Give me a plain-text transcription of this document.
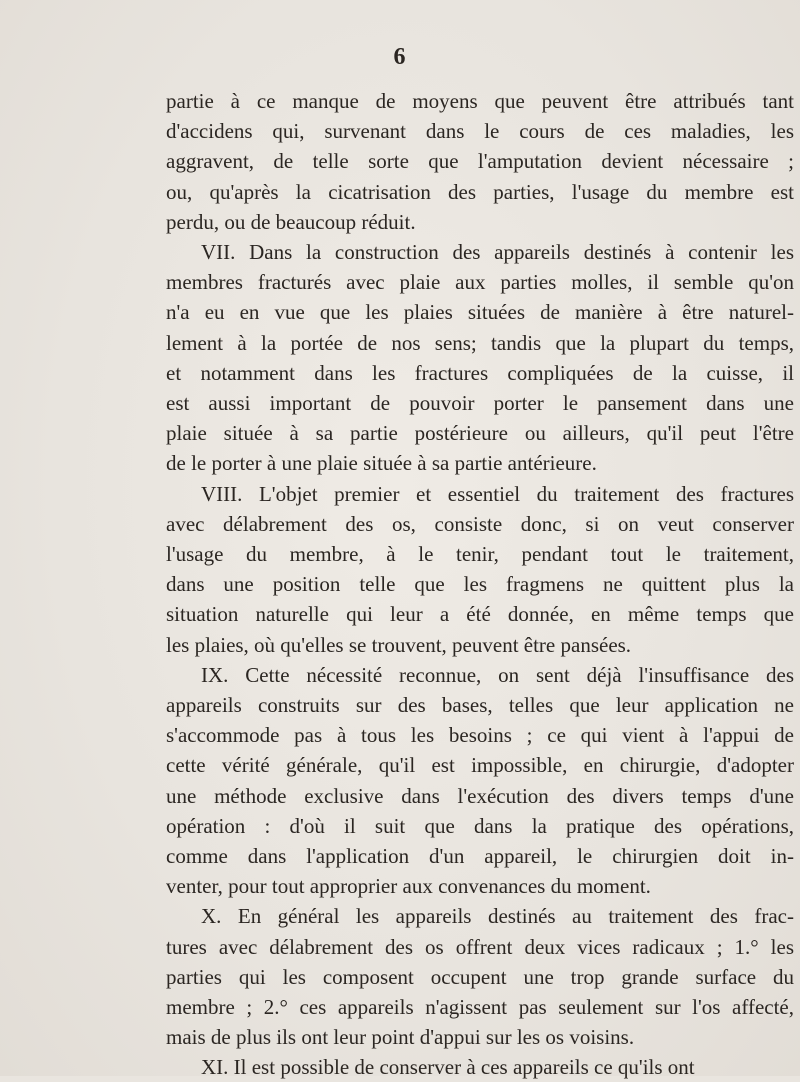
6
partie à ce manque de moyens que peuvent être attribués tant
d'accidens qui, survenant dans le cours de ces maladies, les
aggravent, de telle sorte que l'amputation devient nécessaire ;
ou, qu'après la cicatrisation des parties, l'usage du membre est
perdu, ou de beaucoup réduit.
VII. Dans la construction des appareils destinés à contenir les
membres fracturés avec plaie aux parties molles, il semble qu'on
n'a eu en vue que les plaies situées de manière à être naturel-
lement à la portée de nos sens; tandis que la plupart du temps,
et notamment dans les fractures compliquées de la cuisse, il
est aussi important de pouvoir porter le pansement dans une
plaie située à sa partie postérieure ou ailleurs, qu'il peut l'être
de le porter à une plaie située à sa partie antérieure.
VIII. L'objet premier et essentiel du traitement des fractures
avec délabrement des os, consiste donc, si on veut conserver
l'usage du membre, à le tenir, pendant tout le traitement,
dans une position telle que les fragmens ne quittent plus la
situation naturelle qui leur a été donnée, en même temps que
les plaies, où qu'elles se trouvent, peuvent être pansées.
IX. Cette nécessité reconnue, on sent déjà l'insuffisance des
appareils construits sur des bases, telles que leur application ne
s'accommode pas à tous les besoins ; ce qui vient à l'appui de
cette vérité générale, qu'il est impossible, en chirurgie, d'adopter
une méthode exclusive dans l'exécution des divers temps d'une
opération : d'où il suit que dans la pratique des opérations,
comme dans l'application d'un appareil, le chirurgien doit in-
venter, pour tout approprier aux convenances du moment.
X. En général les appareils destinés au traitement des frac-
tures avec délabrement des os offrent deux vices radicaux ; 1.° les
parties qui les composent occupent une trop grande surface du
membre ; 2.° ces appareils n'agissent pas seulement sur l'os affecté,
mais de plus ils ont leur point d'appui sur les os voisins.
XI. Il est possible de conserver à ces appareils ce qu'ils ont
